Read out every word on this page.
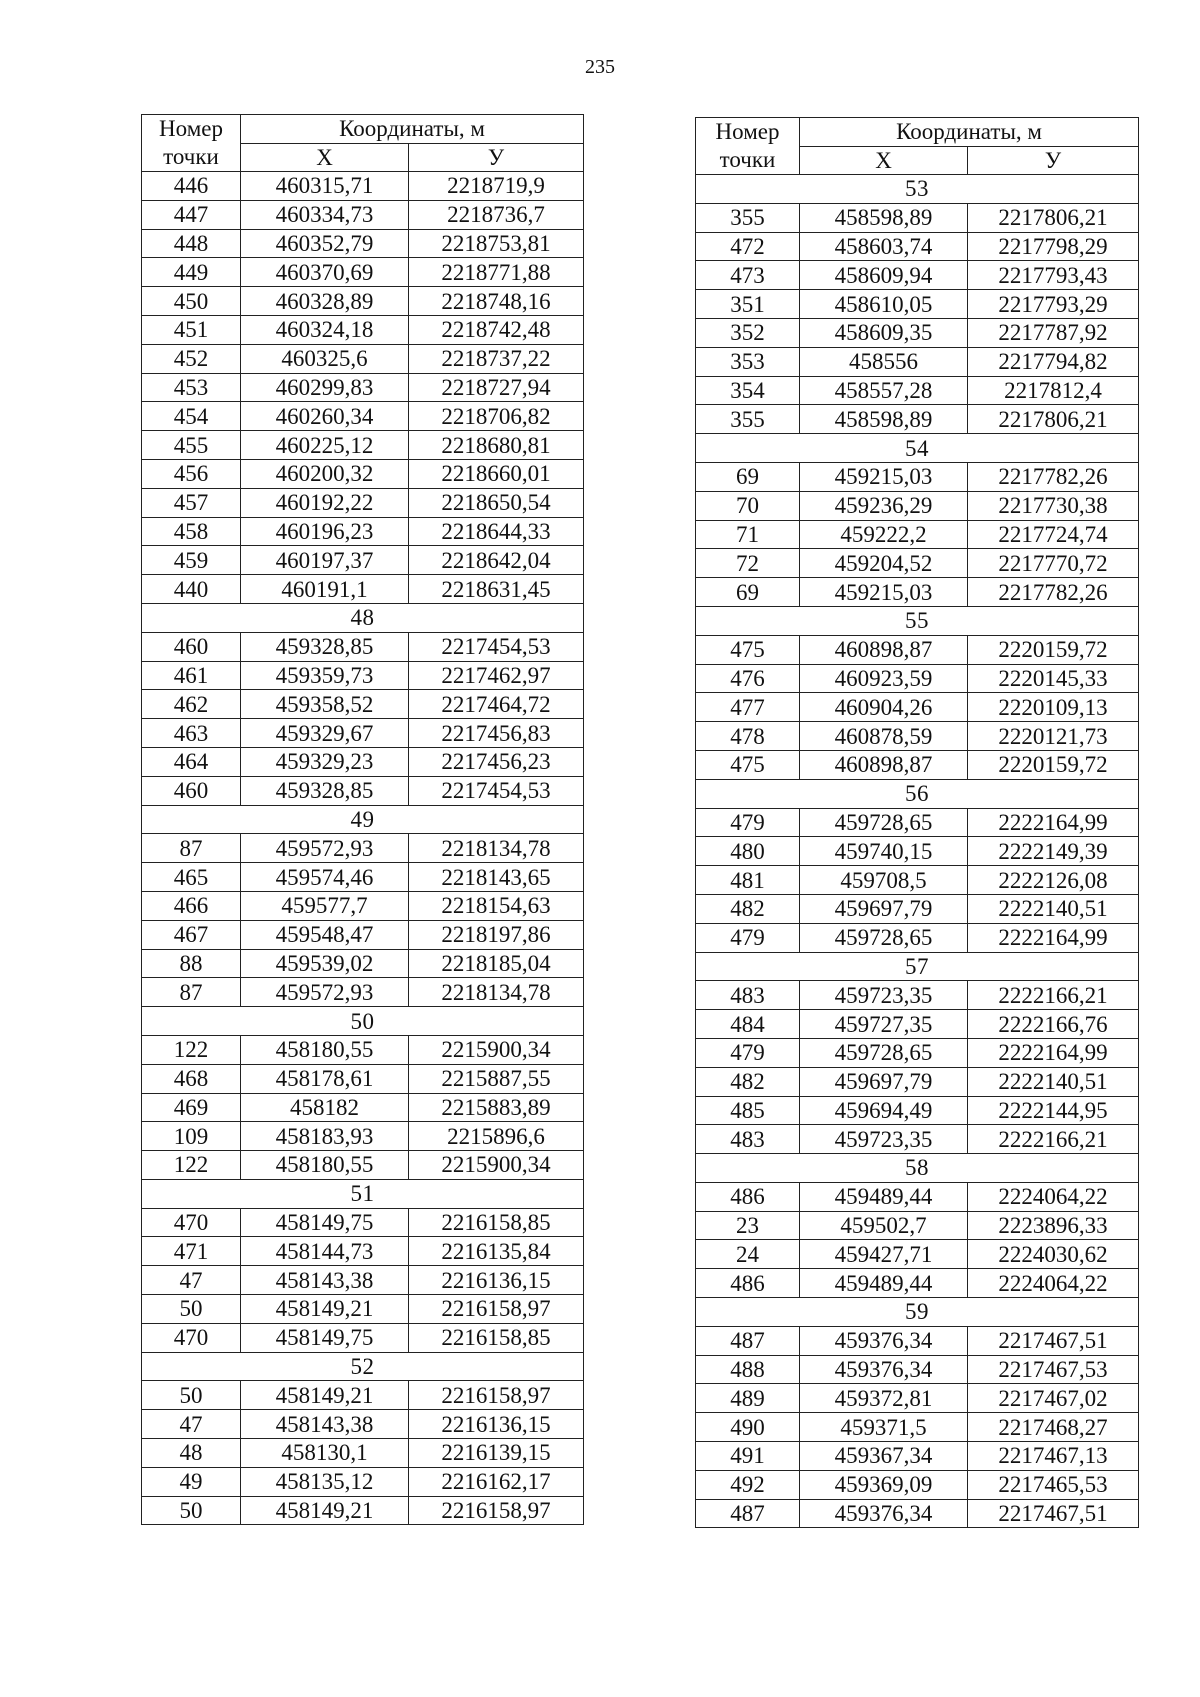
235
Номер
точки	Координаты, м	
	X	У
446	460315,71	2218719,9
447	460334,73	2218736,7
448	460352,79	2218753,81
449	460370,69	2218771,88
450	460328,89	2218748,16
451	460324,18	2218742,48
452	460325,6	2218737,22
453	460299,83	2218727,94
454	460260,34	2218706,82
455	460225,12	2218680,81
456	460200,32	2218660,01
457	460192,22	2218650,54
458	460196,23	2218644,33
459	460197,37	2218642,04
440	460191,1	2218631,45
48		
460	459328,85	2217454,53
461	459359,73	2217462,97
462	459358,52	2217464,72
463	459329,67	2217456,83
464	459329,23	2217456,23
460	459328,85	2217454,53
49		
87	459572,93	2218134,78
465	459574,46	2218143,65
466	459577,7	2218154,63
467	459548,47	2218197,86
88	459539,02	2218185,04
87	459572,93	2218134,78
50		
122	458180,55	2215900,34
468	458178,61	2215887,55
469	458182	2215883,89
109	458183,93	2215896,6
122	458180,55	2215900,34
51		
470	458149,75	2216158,85
471	458144,73	2216135,84
47	458143,38	2216136,15
50	458149,21	2216158,97
470	458149,75	2216158,85
52		
50	458149,21	2216158,97
47	458143,38	2216136,15
48	458130,1	2216139,15
49	458135,12	2216162,17
50	458149,21	2216158,97
Номер
точки	Координаты, м	
	X	У
53		
355	458598,89	2217806,21
472	458603,74	2217798,29
473	458609,94	2217793,43
351	458610,05	2217793,29
352	458609,35	2217787,92
353	458556	2217794,82
354	458557,28	2217812,4
355	458598,89	2217806,21
54		
69	459215,03	2217782,26
70	459236,29	2217730,38
71	459222,2	2217724,74
72	459204,52	2217770,72
69	459215,03	2217782,26
55		
475	460898,87	2220159,72
476	460923,59	2220145,33
477	460904,26	2220109,13
478	460878,59	2220121,73
475	460898,87	2220159,72
56		
479	459728,65	2222164,99
480	459740,15	2222149,39
481	459708,5	2222126,08
482	459697,79	2222140,51
479	459728,65	2222164,99
57		
483	459723,35	2222166,21
484	459727,35	2222166,76
479	459728,65	2222164,99
482	459697,79	2222140,51
485	459694,49	2222144,95
483	459723,35	2222166,21
58		
486	459489,44	2224064,22
23	459502,7	2223896,33
24	459427,71	2224030,62
486	459489,44	2224064,22
59		
487	459376,34	2217467,51
488	459376,34	2217467,53
489	459372,81	2217467,02
490	459371,5	2217468,27
491	459367,34	2217467,13
492	459369,09	2217465,53
487	459376,34	2217467,51
